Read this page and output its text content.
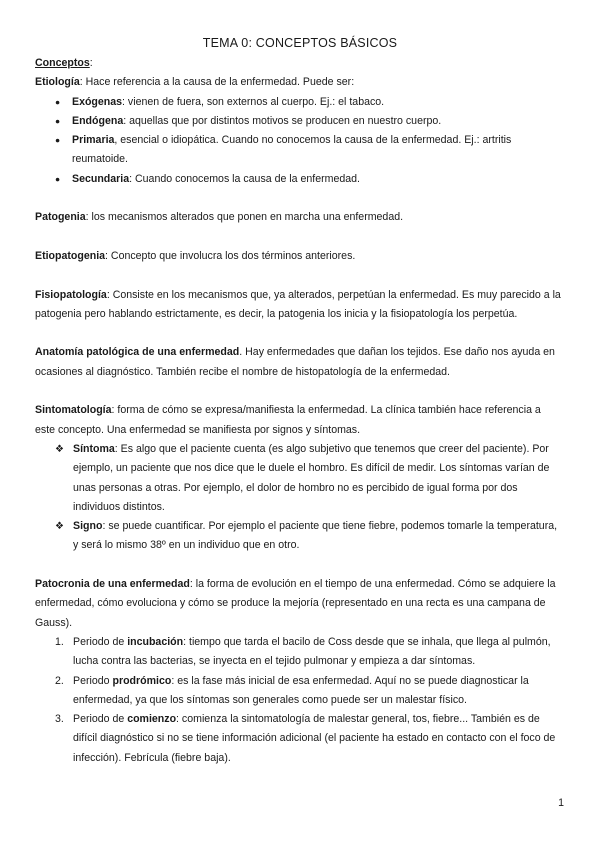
TEMA 0: CONCEPTOS BÁSICOS

Conceptos:

Etiología: Hace referencia a la causa de la enfermedad. Puede ser:

● Exógenas: vienen de fuera, son externos al cuerpo. Ej.: el tabaco.
● Endógena: aquellas que por distintos motivos se producen en nuestro cuerpo.
● Primaria, esencial o idiopática. Cuando no conocemos la causa de la enfermedad. Ej.: artritis reumatoide.
● Secundaria: Cuando conocemos la causa de la enfermedad.

Patogenia: los mecanismos alterados que ponen en marcha una enfermedad.

Etiopatogenia: Concepto que involucra los dos términos anteriores.

Fisiopatología: Consiste en los mecanismos que, ya alterados, perpetúan la enfermedad. Es muy parecido a la patogenia pero hablando estrictamente, es decir, la patogenia los inicia y la fisiopatología los perpetúa.

Anatomía patológica de una enfermedad. Hay enfermedades que dañan los tejidos. Ese daño nos ayuda en ocasiones al diagnóstico. También recibe el nombre de histopatología de la enfermedad.

Sintomatología: forma de cómo se expresa/manifiesta la enfermedad. La clínica también hace referencia a este concepto. Una enfermedad se manifiesta por signos y síntomas.

❖ Síntoma: Es algo que el paciente cuenta (es algo subjetivo que tenemos que creer del paciente). Por ejemplo, un paciente que nos dice que le duele el hombro. Es difícil de medir. Los síntomas varían de unas personas a otras. Por ejemplo, el dolor de hombro no es percibido de igual forma por dos individuos distintos.
❖ Signo: se puede cuantificar. Por ejemplo el paciente que tiene fiebre, podemos tomarle la temperatura, y será lo mismo 38º en un individuo que en otro.

Patocronia de una enfermedad: la forma de evolución en el tiempo de una enfermedad. Cómo se adquiere la enfermedad, cómo evoluciona y cómo se produce la mejoría (representado en una recta es una campana de Gauss).

1. Periodo de incubación: tiempo que tarda el bacilo de Coss desde que se inhala, que llega al pulmón, lucha contra las bacterias, se inyecta en el tejido pulmonar y empieza a dar síntomas.
2. Periodo prodrómico: es la fase más inicial de esa enfermedad. Aquí no se puede diagnosticar la enfermedad, ya que los síntomas son generales como puede ser un malestar físico.
3. Periodo de comienzo: comienza la sintomatología de malestar general, tos, fiebre... También es de difícil diagnóstico si no se tiene información adicional (el paciente ha estado en contacto con el foco de infección). Febrícula (fiebre baja).
1
